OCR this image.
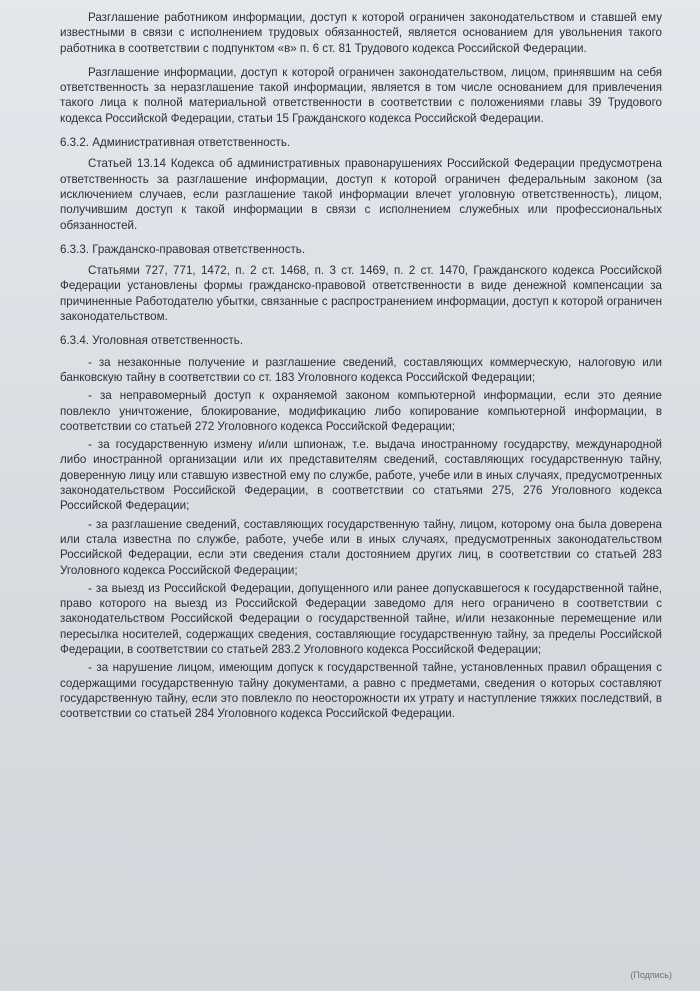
Разглашение работником информации, доступ к которой ограничен законодательством и ставшей ему известными в связи с исполнением трудовых обязанностей, является основанием для увольнения такого работника в соответствии с подпунктом «в» п. 6 ст. 81 Трудового кодекса Российской Федерации.

Разглашение информации, доступ к которой ограничен законодательством, лицом, принявшим на себя ответственность за неразглашение такой информации, является в том числе основанием для привлечения такого лица к полной материальной ответственности в соответствии с положениями главы 39 Трудового кодекса Российской Федерации, статьи 15 Гражданского кодекса Российской Федерации.

6.3.2. Административная ответственность.

Статьей 13.14 Кодекса об административных правонарушениях Российской Федерации предусмотрена ответственность за разглашение информации, доступ к которой ограничен федеральным законом (за исключением случаев, если разглашение такой информации влечет уголовную ответственность), лицом, получившим доступ к такой информации в связи с исполнением служебных или профессиональных обязанностей.

6.3.3. Гражданско-правовая ответственность.

Статьями 727, 771, 1472, п. 2 ст. 1468, п. 3 ст. 1469, п. 2 ст. 1470, Гражданского кодекса Российской Федерации установлены формы гражданско-правовой ответственности в виде денежной компенсации за причиненные Работодателю убытки, связанные с распространением информации, доступ к которой ограничен законодательством.

6.3.4. Уголовная ответственность.

- за незаконные получение и разглашение сведений, составляющих коммерческую, налоговую или банковскую тайну в соответствии со ст. 183 Уголовного кодекса Российской Федерации;

- за неправомерный доступ к охраняемой законом компьютерной информации, если это деяние повлекло уничтожение, блокирование, модификацию либо копирование компьютерной информации, в соответствии со статьей 272 Уголовного кодекса Российской Федерации;

- за государственную измену и/или шпионаж, т.е. выдача иностранному государству, международной либо иностранной организации или их представителям сведений, составляющих государственную тайну, доверенную лицу или ставшую известной ему по службе, работе, учебе или в иных случаях, предусмотренных законодательством Российской Федерации, в соответствии со статьями 275, 276 Уголовного кодекса Российской Федерации;

- за разглашение сведений, составляющих государственную тайну, лицом, которому она была доверена или стала известна по службе, работе, учебе или в иных случаях, предусмотренных законодательством Российской Федерации, если эти сведения стали достоянием других лиц, в соответствии со статьей 283 Уголовного кодекса Российской Федерации;

- за выезд из Российской Федерации, допущенного или ранее допускавшегося к государственной тайне, право которого на выезд из Российской Федерации заведомо для него ограничено в соответствии с законодательством Российской Федерации о государственной тайне, и/или незаконные перемещение или пересылка носителей, содержащих сведения, составляющие государственную тайну, за пределы Российской Федерации, в соответствии со статьей 283.2 Уголовного кодекса Российской Федерации;

- за нарушение лицом, имеющим допуск к государственной тайне, установленных правил обращения с содержащими государственную тайну документами, а равно с предметами, сведения о которых составляют государственную тайну, если это повлекло по неосторожности их утрату и наступление тяжких последствий, в соответствии со статьей 284 Уголовного кодекса Российской Федерации.

(Подпись)
